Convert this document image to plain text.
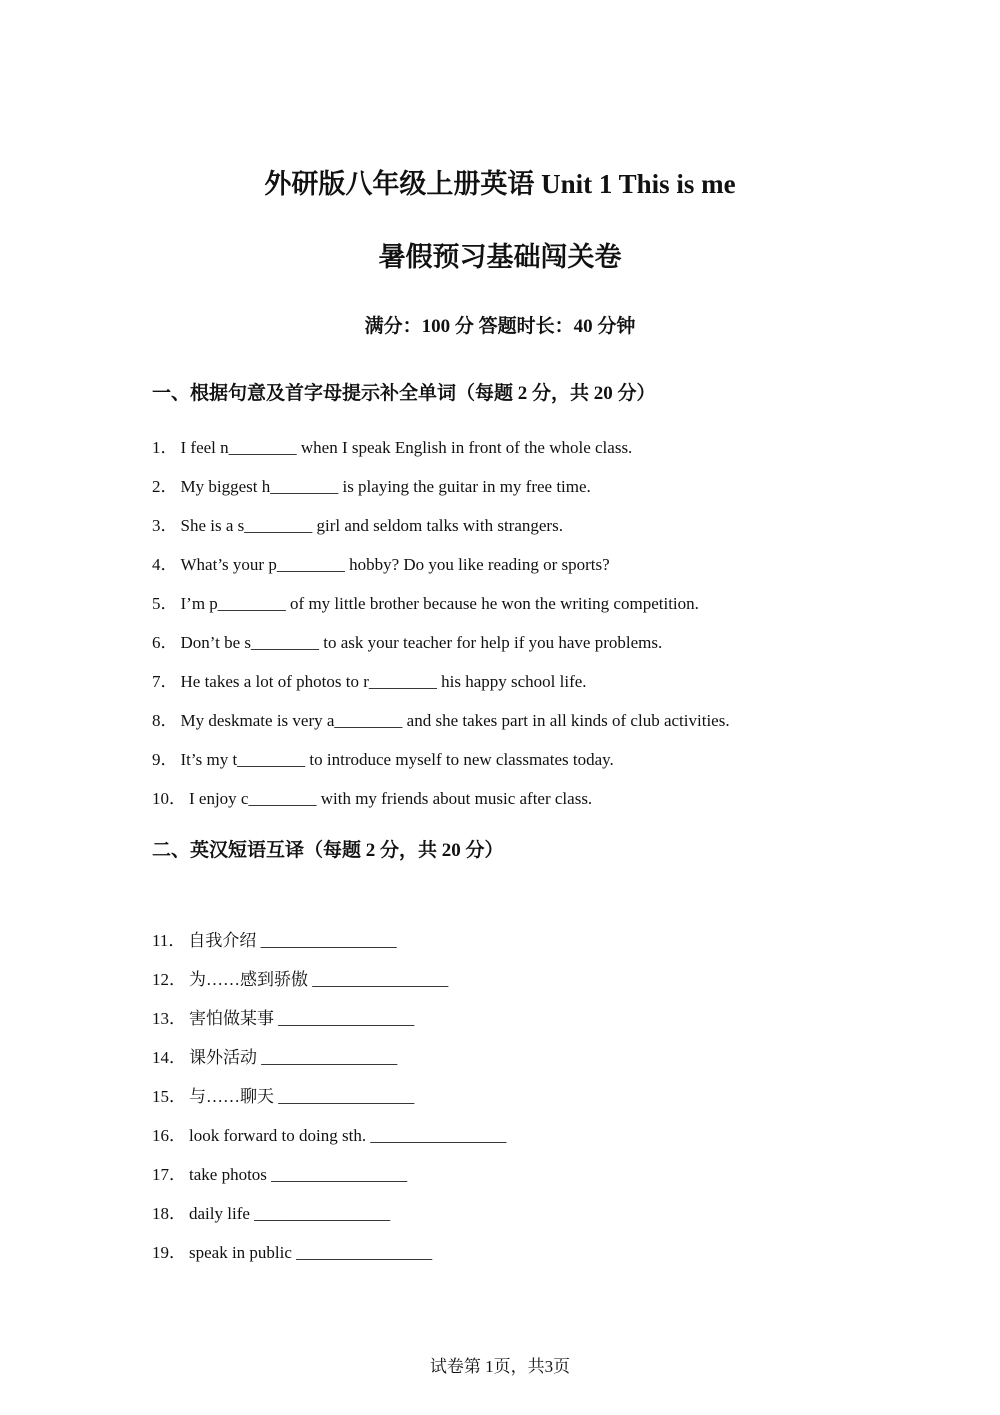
外研版八年级上册英语 Unit 1 This is me
暑假预习基础闯关卷
满分：100 分 答题时长：40 分钟
一、根据句意及首字母提示补全单词（每题 2 分，共 20 分）
1． I feel n________ when I speak English in front of the whole class.
2． My biggest h________ is playing the guitar in my free time.
3． She is a s________ girl and seldom talks with strangers.
4． What’s your p________ hobby? Do you like reading or sports?
5． I’m p________ of my little brother because he won the writing competition.
6． Don’t be s________ to ask your teacher for help if you have problems.
7． He takes a lot of photos to r________ his happy school life.
8． My deskmate is very a________ and she takes part in all kinds of club activities.
9． It’s my t________ to introduce myself to new classmates today.
10． I enjoy c________ with my friends about music after class.
二、英汉短语互译（每题 2 分，共 20 分）
11． 自我介绍 ________________
12． 为……感到骄傲 ________________
13． 害怕做某事 ________________
14． 课外活动 ________________
15． 与……聊天 ________________
16． look forward to doing sth. ________________
17． take photos ________________
18． daily life ________________
19． speak in public ________________
试卷第 1页，共3页
